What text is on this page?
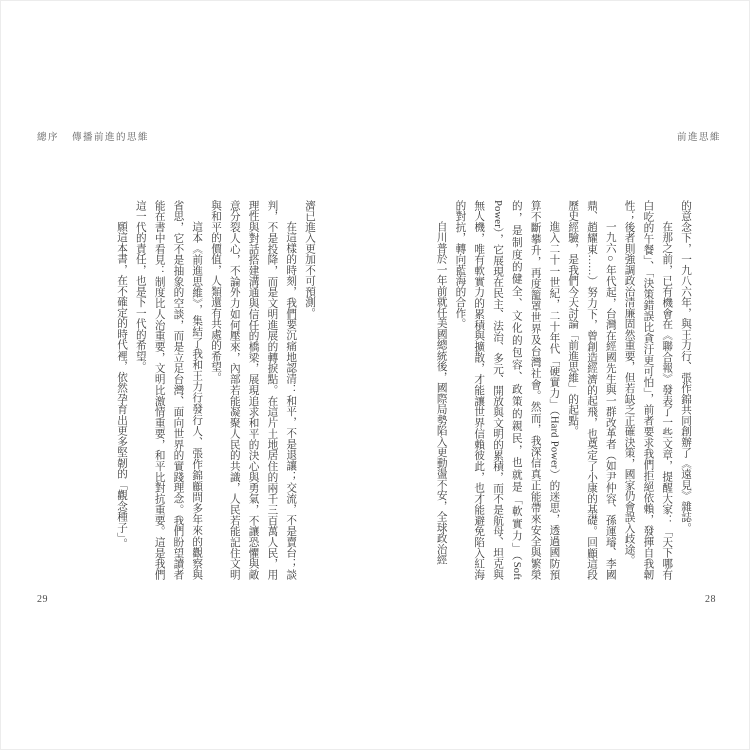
總序 傳播前進的思維

濟已進入更加不可預測。

在這樣的時刻，我們要沉痛地認清：和平，不是退讓；交流，不是賣台；談判，不是投降，而是文明進展的轉捩點。在這片土地居住的兩千三百萬人民，用理性與對話搭建溝通與信任的橋梁，展現追求和平的決心與勇氣，不讓恐懼與敵意分裂人心，不論外力如何壓來，內部若能凝聚人民的共識，人民若能記住文明與和平的價值，人類還有共處的希望。

這本《前進思維》，集結了我和王力行發行人、張作錦顧問多年來的觀察與省思，它不是抽象的空談，而是立足台灣、面向世界的實踐理念。我們盼望讀者能在書中看見：制度比人治重要，文明比激情重要，和平比對抗重要。這是我們這一代的責任，也是下一代的希望。

願這本書，在不確定的時代裡，依然孕育出更多堅韌的「觀念種子」。

29
前進思維

的意念下，一九八六年，與王力行、張作錦共同創辦了《遠見》雜誌。

在那之前，已有機會在《聯合報》發表了一些文章，提醒大家：「天下哪有白吃的午餐」、「決策錯誤比貪汙更可怕」，前者要求我們拒絕依賴，發揮自我韌性；後者則強調政治清廉固然重要，但若缺乏正確決策，國家仍會誤入歧途。

一九六○年代起，台灣在經國先生與一群改革者（如尹仲容、孫運璿、李國鼎、趙耀東……）努力下，曾創造經濟的起飛，也奠定了小康的基礎。回顧這段歷史經驗，是我們今天討論「前進思維」的起點。

進入二十一世紀，二十年代「硬實力」（Hard Power）的迷思，透過國防預算不斷攀升，再度籠罩世界及台灣社會。然而，我深信真正能帶來安全與繁榮的，是制度的健全、文化的包容、政策的親民，也就是「軟實力」（Soft Power），它展現在民主、法治、多元、開放與文明的累積，而不是航母、坦克與無人機，唯有軟實力的累積與擴散，才能讓世界信賴彼此，也才能避免陷入紅海的對抗，轉向藍海的合作。

自川普於一年前就任美國總統後，國際局勢陷入更動盪不安，全球政治經

28
